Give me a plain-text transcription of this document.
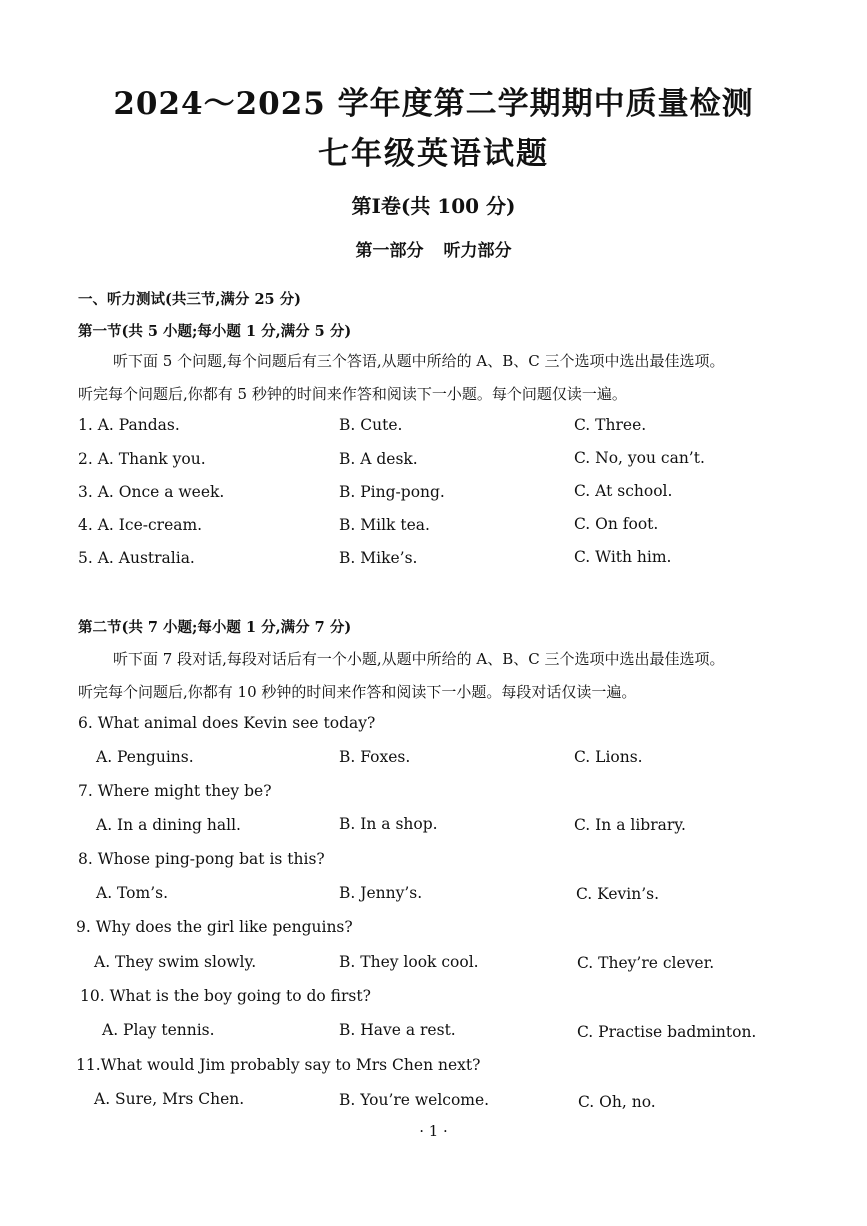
2024～2025 学年度第二学期期中质量检测
七年级英语试题
第Ⅰ卷(共 100 分)
第一部分 听力部分
一、听力测试(共三节,满分 25 分)
第一节(共 5 小题;每小题 1 分,满分 5 分)
听下面 5 个问题,每个问题后有三个答语,从题中所给的 A、B、C 三个选项中选出最佳选项。
听完每个问题后,你都有 5 秒钟的时间来作答和阅读下一小题。每个问题仅读一遍。
1. A. Pandas.	B. Cute.	C. Three.
2. A. Thank you.	B. A desk.	C. No, you can’t.
3. A. Once a week.	B. Ping-pong.	C. At school.
4. A. Ice-cream.	B. Milk tea.	C. On foot.
5. A. Australia.	B. Mike’s.	C. With him.
第二节(共 7 小题;每小题 1 分,满分 7 分)
听下面 7 段对话,每段对话后有一个小题,从题中所给的 A、B、C 三个选项中选出最佳选项。
听完每个问题后,你都有 10 秒钟的时间来作答和阅读下一小题。每段对话仅读一遍。
6. What animal does Kevin see today?
A. Penguins.	B. Foxes.	C. Lions.
7. Where might they be?
A. In a dining hall.	B. In a shop.	C. In a library.
8. Whose ping-pong bat is this?
A. Tom’s.	B. Jenny’s.	C. Kevin’s.
9. Why does the girl like penguins?
A. They swim slowly.	B. They look cool.	C. They’re clever.
10. What is the boy going to do first?
A. Play tennis.	B. Have a rest.	C. Practise badminton.
11.What would Jim probably say to Mrs Chen next?
A. Sure, Mrs Chen.	B. You’re welcome.	C. Oh, no.
· 1 ·
